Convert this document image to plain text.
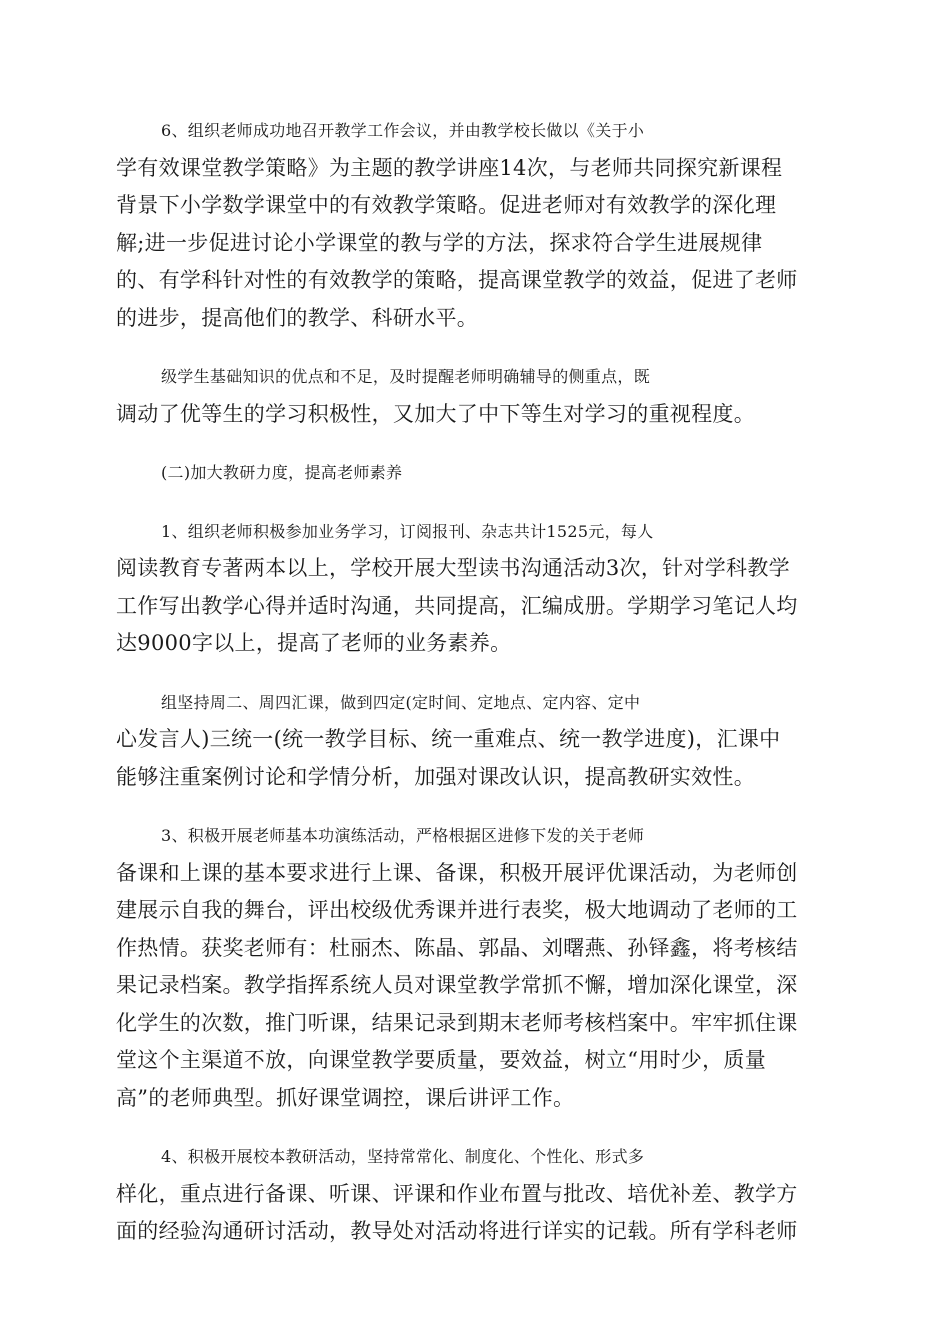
6、组织老师成功地召开教学工作会议，并由教学校长做以《关于小
学有效课堂教学策略》为主题的教学讲座14次，与老师共同探究新课程
背景下小学数学课堂中的有效教学策略。促进老师对有效教学的深化理
解;进一步促进讨论小学课堂的教与学的方法，探求符合学生进展规律
的、有学科针对性的有效教学的策略，提高课堂教学的效益，促进了老师
的进步，提高他们的教学、科研水平。

级学生基础知识的优点和不足，及时提醒老师明确辅导的侧重点，既
调动了优等生的学习积极性，又加大了中下等生对学习的重视程度。

(二)加大教研力度，提高老师素养

1、组织老师积极参加业务学习，订阅报刊、杂志共计1525元，每人
阅读教育专著两本以上，学校开展大型读书沟通活动3次，针对学科教学
工作写出教学心得并适时沟通，共同提高，汇编成册。学期学习笔记人均
达9000字以上，提高了老师的业务素养。

组坚持周二、周四汇课，做到四定(定时间、定地点、定内容、定中
心发言人)三统一(统一教学目标、统一重难点、统一教学进度)，汇课中
能够注重案例讨论和学情分析，加强对课改认识，提高教研实效性。

3、积极开展老师基本功演练活动，严格根据区进修下发的关于老师
备课和上课的基本要求进行上课、备课，积极开展评优课活动，为老师创
建展示自我的舞台，评出校级优秀课并进行表奖，极大地调动了老师的工
作热情。获奖老师有：杜丽杰、陈晶、郭晶、刘曙燕、孙铎鑫，将考核结
果记录档案。教学指挥系统人员对课堂教学常抓不懈，增加深化课堂，深
化学生的次数，推门听课，结果记录到期末老师考核档案中。牢牢抓住课
堂这个主渠道不放，向课堂教学要质量，要效益，树立“用时少，质量
高”的老师典型。抓好课堂调控，课后讲评工作。

4、积极开展校本教研活动，坚持常常化、制度化、个性化、形式多
样化，重点进行备课、听课、评课和作业布置与批改、培优补差、教学方
面的经验沟通研讨活动，教导处对活动将进行详实的记载。所有学科老师
